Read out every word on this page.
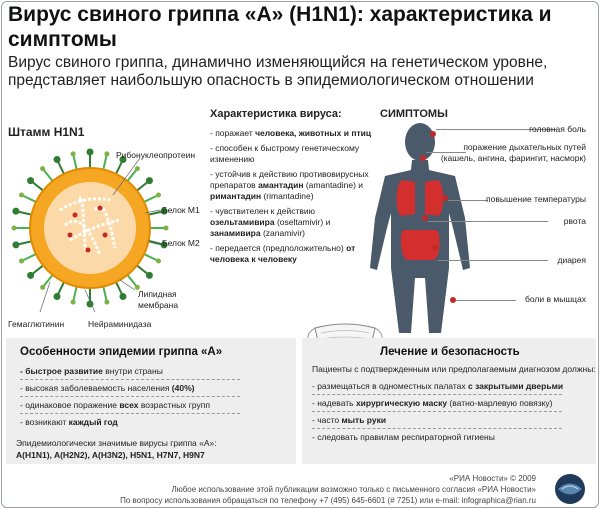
Вирус свиного гриппа «А» (H1N1): характеристика и симптомы
Вирус свиного гриппа, динамично изменяющийся на генетическом уровне, представляет наибольшую опасность в эпидемиологическом отношении
Штамм H1N1
Рибонуклеопротеин
Белок М1
Белок М2
Липидная
мембрана
Гемаглютинин	Нейраминидаза
Характеристика вируса:
- поражает человека, животных и птиц
- способен к быстрому генетическому изменению
- устойчив к действию противовирусных препаратов амантадин (amantadine) и римантадин (rimantadine)
- чувствителен к действию озельтамивира (oseltamivir) и занамивира (zanamivir)
- передается (предположительно) от человека к человеку
СИМПТОМЫ
головная боль
поражение дыхательных путей
(кашель, ангина, фарингит, насморк)
повышение температуры
рвота
диарея
боли в мышцах
Особенности эпидемии гриппа «А»
- быстрое развитие внутри страны
- высокая заболеваемость населения (40%)
- одинаковое поражение всех возрастных групп
- возникают каждый год
Эпидемиологически значимые вирусы гриппа «А»:
A(H1N1), A(H2N2), A(H3N2), H5N1, H7N7, H9N7
Лечение и безопасность
Пациенты с подтвержденным или предполагаемым диагнозом должны:
- размещаться в одноместных палатах с закрытыми дверьми
- надевать хирургическую маску (ватно-марлевую повязку)
- часто мыть руки
- следовать правилам респираторной гигиены
«РИА Новости» © 2009
Любое использование этой публикации возможно только с письменного согласия «РИА Новости»
По вопросу использования обращаться по телефону +7 (495) 645-6601 (# 7251) или e-mail: infographica@rian.ru
